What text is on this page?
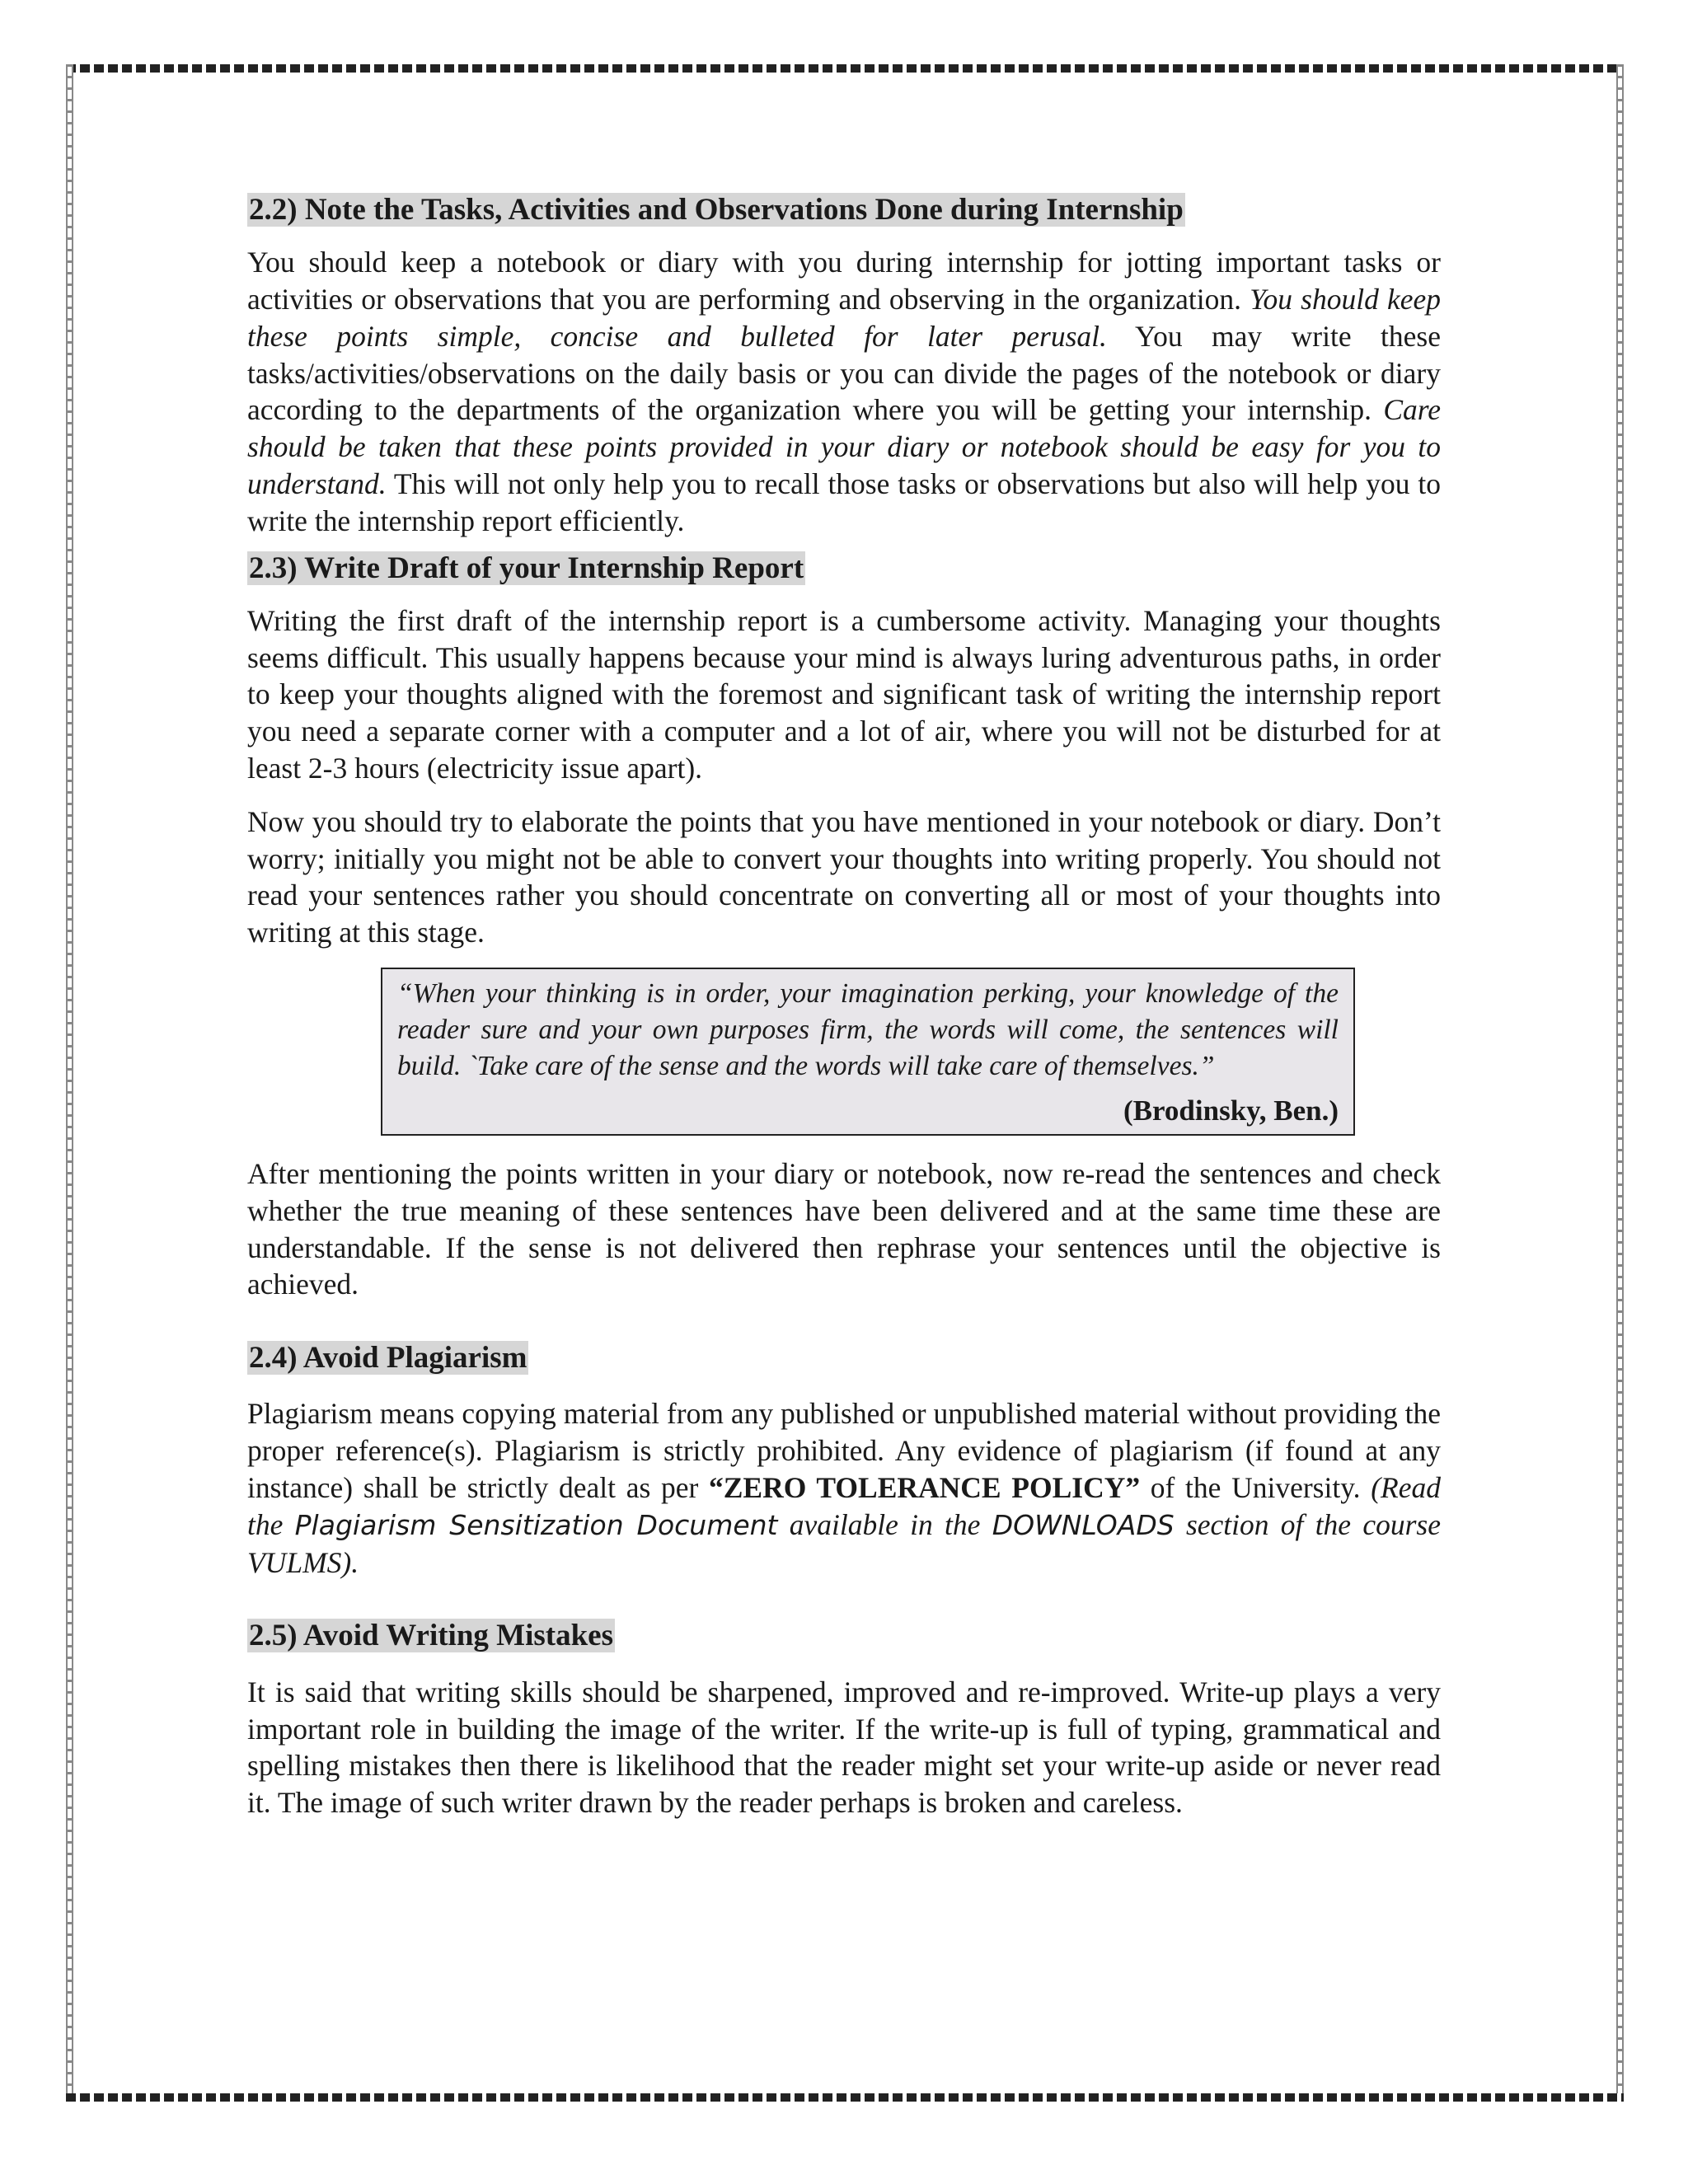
2.2) Note the Tasks, Activities and Observations Done during Internship

You should keep a notebook or diary with you during internship for jotting important tasks or activities or observations that you are performing and observing in the organization. You should keep these points simple, concise and bulleted for later perusal. You may write these tasks/activities/observations on the daily basis or you can divide the pages of the notebook or diary according to the departments of the organization where you will be getting your internship. Care should be taken that these points provided in your diary or notebook should be easy for you to understand. This will not only help you to recall those tasks or observations but also will help you to write the internship report efficiently.

2.3) Write Draft of your Internship Report

Writing the first draft of the internship report is a cumbersome activity. Managing your thoughts seems difficult. This usually happens because your mind is always luring adventurous paths, in order to keep your thoughts aligned with the foremost and significant task of writing the internship report you need a separate corner with a computer and a lot of air, where you will not be disturbed for at least 2-3 hours (electricity issue apart).

Now you should try to elaborate the points that you have mentioned in your notebook or diary. Don’t worry; initially you might not be able to convert your thoughts into writing properly. You should not read your sentences rather you should concentrate on converting all or most of your thoughts into writing at this stage.

“When your thinking is in order, your imagination perking, your knowledge of the reader sure and your own purposes firm, the words will come, the sentences will build. `Take care of the sense and the words will take care of themselves.”

(Brodinsky, Ben.)

After mentioning the points written in your diary or notebook, now re-read the sentences and check whether the true meaning of these sentences have been delivered and at the same time these are understandable. If the sense is not delivered then rephrase your sentences until the objective is achieved.

2.4) Avoid Plagiarism

Plagiarism means copying material from any published or unpublished material without providing the proper reference(s). Plagiarism is strictly prohibited. Any evidence of plagiarism (if found at any instance) shall be strictly dealt as per “ZERO TOLERANCE POLICY” of the University. (Read the Plagiarism Sensitization Document available in the DOWNLOADS section of the course VULMS).

2.5) Avoid Writing Mistakes

It is said that writing skills should be sharpened, improved and re-improved. Write-up plays a very important role in building the image of the writer. If the write-up is full of typing, grammatical and spelling mistakes then there is likelihood that the reader might set your write-up aside or never read it. The image of such writer drawn by the reader perhaps is broken and careless.
